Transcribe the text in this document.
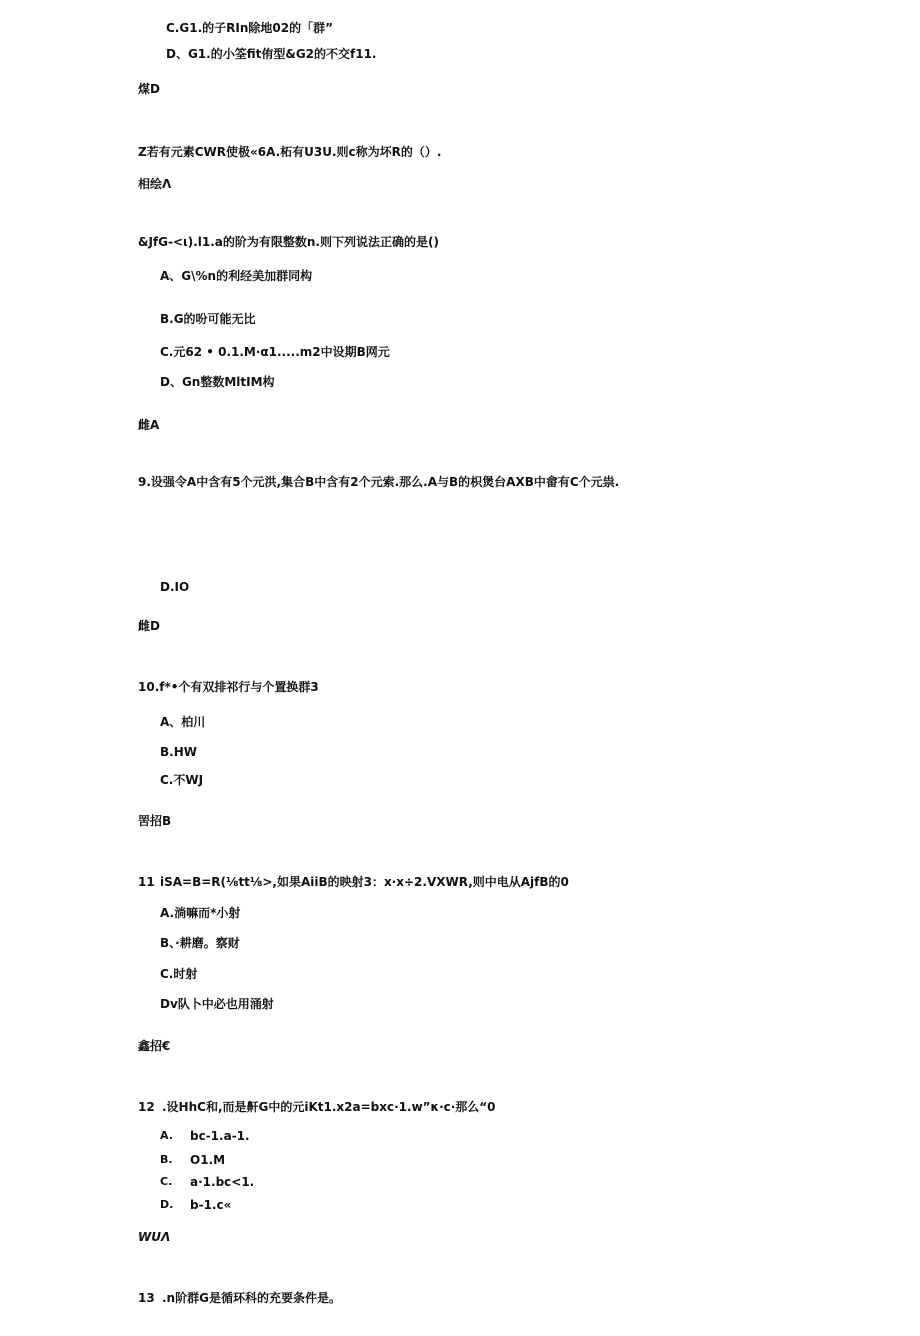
C.G1.的子RIn除地02的「群”
D、G1.的小筌fit侑型&G2的不交f11.
煤D
Z若有元素CWR使极«6A.柘有U3U.则c称为坏R的（）.
相绘Λ
&JfG-<ι).l1.a的阶为有限整数n.则下列说法正确的是()
A、G\%n的利经美加群同构
B.G的吩可能无比
C.元62 • 0.1.M·α1.....m2中设期B网元
D、Gn整数MltIM构
雌A
9.设强令A中含有5个元洪,集合B中含有2个元索.那么.A与B的枳煲台AXB中畲有C个元祟.
D.IO
雌D
10.f*•个有双排祁行与个置换群3
A、柏川
B.HW
C.不WJ
罟招B
11 iSA=B=R(⅛tt⅛>,如果AiiB的映射3：x·x÷2.VXWR,则中电从AjfB的0
A.淌嘛而*小射
B、·耕磨。察财
C.时射
Dv队卜中必也用涌射
鑫招€
12 .设HhC和,而是鼾G中的元iKt1.x2a=bxc·1.w”κ·c·那么“0
A. bc-1.a-1.
B. O1.M
C. a·1.bc<1.
D. b-1.c«
WUΛ
13 .n阶群G是循环科的充要条件是。
